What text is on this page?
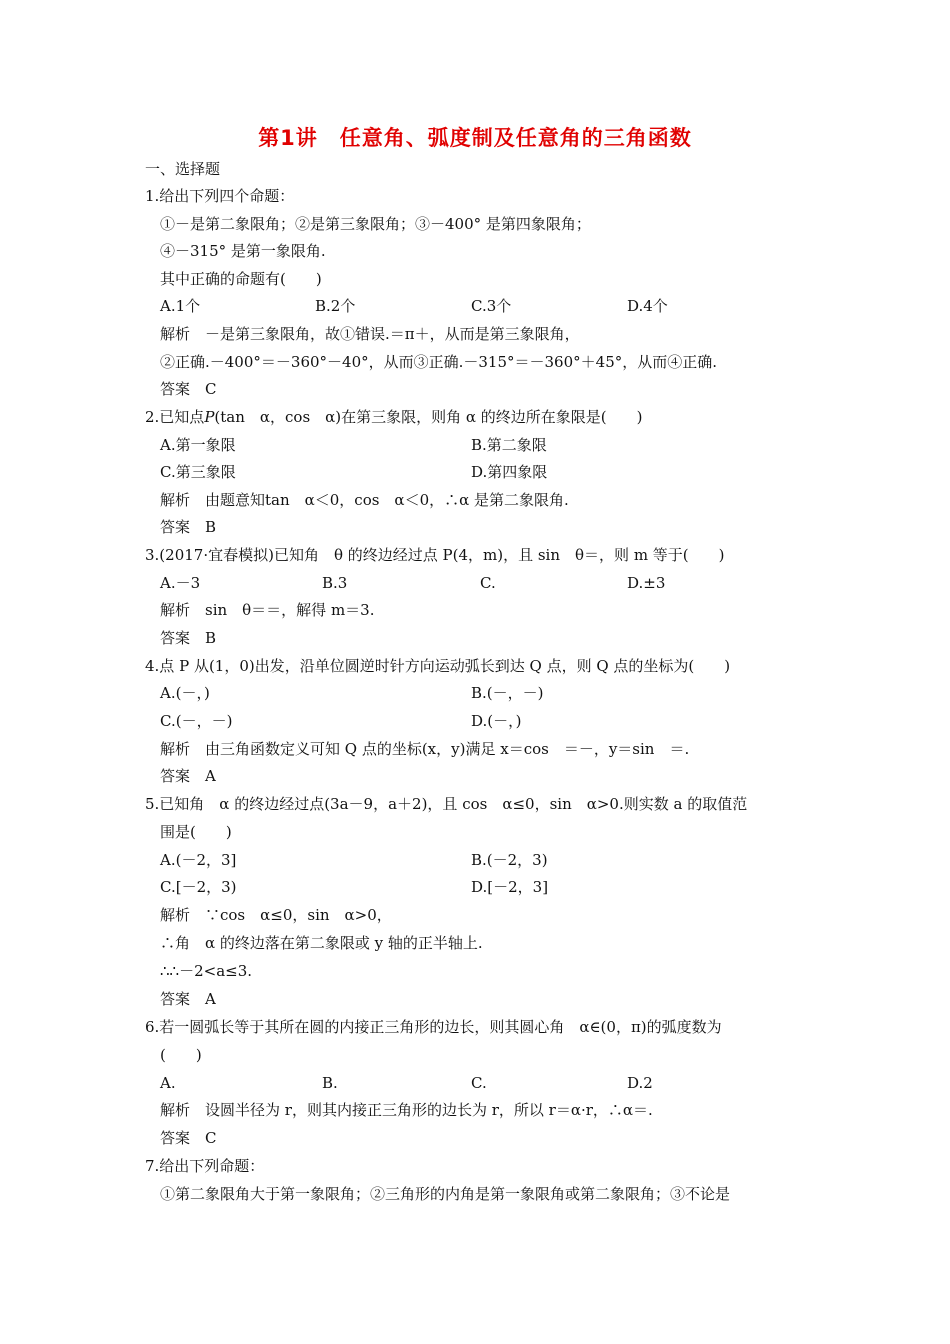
第1讲　任意角、弧度制及任意角的三角函数
一、选择题
1.给出下列四个命题：
①－是第二象限角；②是第三象限角；③－400° 是第四象限角；
④－315° 是第一象限角.
其中正确的命题有(　　)
A.1个	B.2个	C.3个	D.4个
解析　－是第三象限角，故①错误.＝π＋，从而是第三象限角，
②正确.－400°＝－360°－40°，从而③正确.－315°＝－360°＋45°，从而④正确.
答案　C
2.已知点P(tan　α，cos　α)在第三象限，则角 α 的终边所在象限是(　　)
A.第一象限	B.第二象限
C.第三象限	D.第四象限
解析　由题意知tan　α＜0，cos　α＜0，∴α 是第二象限角.
答案　B
3.(2017·宜春模拟)已知角　θ 的终边经过点 P(4，m)，且 sin　θ＝，则 m 等于(　　)
A.－3	B.3	C.	D.±3
解析　sin　θ＝＝，解得 m＝3.
答案　B
4.点 P 从(1，0)出发，沿单位圆逆时针方向运动弧长到达 Q 点，则 Q 点的坐标为(　　)
A.(－，)	B.(－，－)
C.(－，－)	D.(－，)
解析　由三角函数定义可知 Q 点的坐标(x，y)满足 x＝cos　＝－，y＝sin　＝.
答案　A
5.已知角　α 的终边经过点(3a－9，a＋2)，且 cos　α≤0，sin　α>0.则实数 a 的取值范
围是(　　)
A.(－2，3]	B.(－2，3)
C.[－2，3)	D.[－2，3]
解析　∵cos　α≤0，sin　α>0，
∴角　α 的终边落在第二象限或 y 轴的正半轴上.
∴∴－2<a≤3.
答案　A
6.若一圆弧长等于其所在圆的内接正三角形的边长，则其圆心角　α∈(0，π)的弧度数为
(　　)
A.	B.	C.	D.2
解析　设圆半径为 r，则其内接正三角形的边长为 r，所以 r＝α·r，∴α＝.
答案　C
7.给出下列命题：
①第二象限角大于第一象限角；②三角形的内角是第一象限角或第二象限角；③不论是
